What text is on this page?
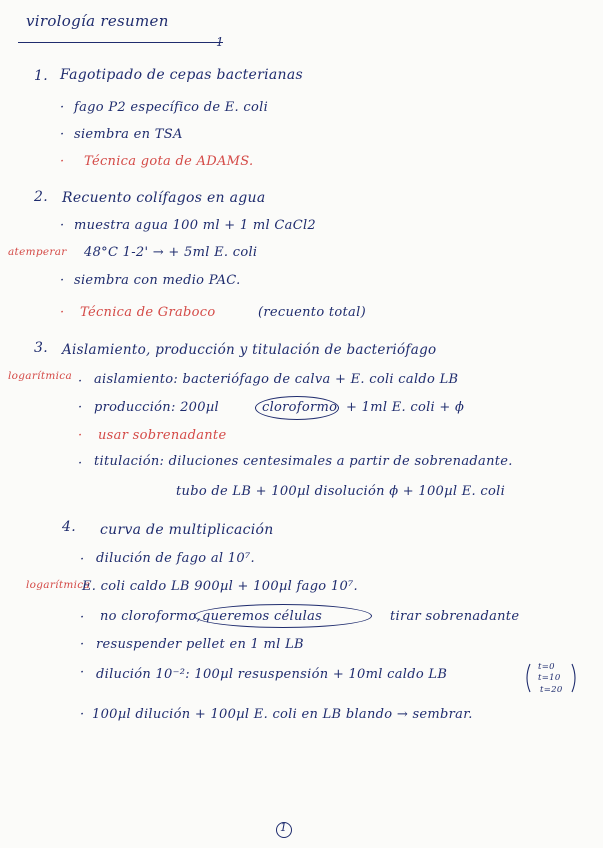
virología resumen
1
1. Fagotipado de cepas bacterianas
· fago P2 específico de E. coli
· siembra en TSA
· Técnica gota de ADAMS.
2. Recuento colífagos en agua
· muestra agua 100 ml + 1 ml CaCl2
atemperar 48°C 1-2' → + 5ml E. coli
· siembra con medio PAC.
· Técnica de Graboco	(recuento total)
3. Aislamiento, producción y titulación de bacteriófago
logarítmica · aislamiento: bacteriófago de calva + E. coli caldo LB
· producción: 200µl	cloroformo + 1ml E. coli + ϕ
· usar sobrenadante
· titulación: diluciones centesimales a partir de sobrenadante.
tubo de LB + 100µl disolución ϕ + 100µl E. coli
4. curva de multiplicación
· dilución de fago al 10⁷.
logarítmica
E. coli caldo LB 900µl + 100µl fago 10⁷.
· no cloroformo, queremos células	tirar sobrenadante
· resuspender pellet en 1 ml LB
· dilución 10⁻²: 100µl resuspensión + 10ml caldo LB	t=0
t=10
t=20
· 100µl dilución + 100µl E. coli en LB blando → sembrar.
1
